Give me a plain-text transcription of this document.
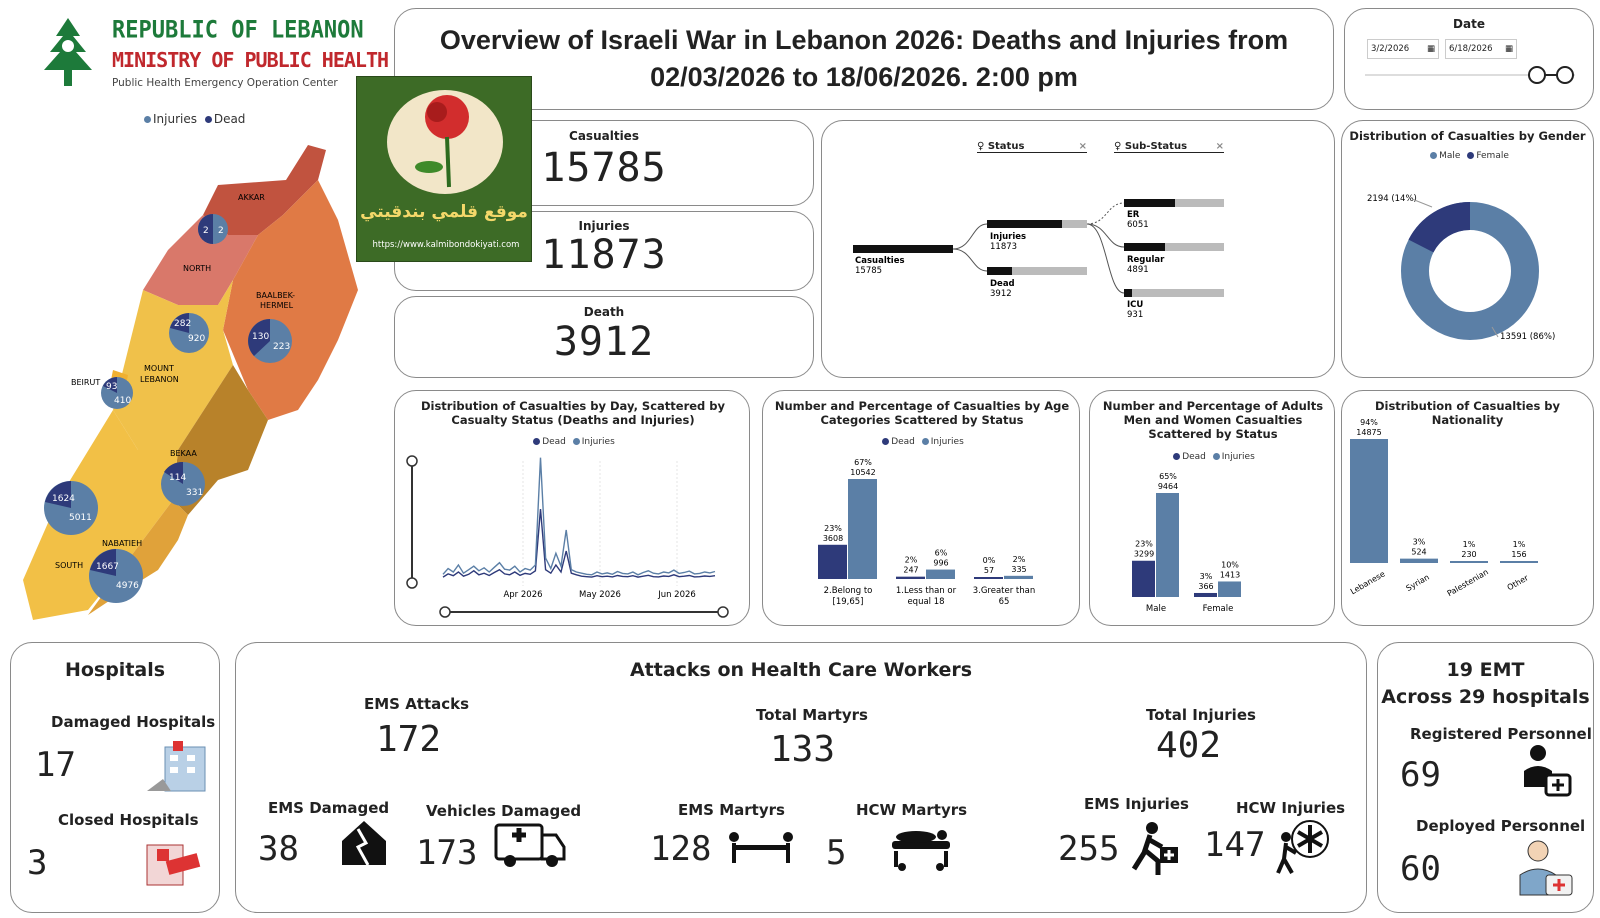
REPUBLIC OF LEBANON
MINISTRY OF PUBLIC HEALTH
Public Health Emergency Operation Center
Injuries Dead
AKKAR
NORTH
BAALBEK-
HERMEL
MOUNT
LEBANON
BEIRUT
BEKAA
SOUTH
NABATIEH
2 2
130
223
282
920
93
410
114
331
1624
5011
1667
4976
Overview of Israeli War in Lebanon 2026: Deaths and Injuries from 02/03/2026 to 18/06/2026. 2:00 pm
Date
3/2/2026 ▦ 6/18/2026 ▦
Casualties
15785
Injuries
11873
Death
3912
موقع قلمي بندقيتي
https://www.kalmibondokiyati.com
♀ Status	×	♀ Sub-Status	×
Casualties
15785
Injuries
11873
Dead
3912
ER
6051
Regular
4891
ICU
931
Distribution of Casualties by Gender
Male Female
2194 (14%)
13591 (86%)
Distribution of Casualties by Day, Scattered by Casualty Status (Deaths and Injuries)
Dead Injuries
Apr 2026	May 2026	Jun 2026
Number and Percentage of Casualties by Age Categories Scattered by Status
Dead Injuries
23%
3608
67%
10542
2.Belong to
[19,65]
2%
247
6%
996
1.Less than or
equal 18
0%
57
2%
335
3.Greater than
65
Number and Percentage of Adults Men and Women Casualties Scattered by Status
Dead Injuries
23%
3299
65%
9464
Male
3%
366
10%
1413
Female
Distribution of Casualties by Nationality
94%
14875
Lebanese
3%
524
Syrian
1%
230
Palestenian
1%
156
Other
Hospitals
Damaged Hospitals
17
Closed Hospitals
3
Attacks on Health Care Workers
EMS Attacks
172
Total Martyrs
133
Total Injuries
402
EMS Damaged
38
Vehicles Damaged
173
EMS Martyrs
128
HCW Martyrs
5
EMS Injuries
255
HCW Injuries
147
19 EMT
Across 29 hospitals
Registered Personnel
69
Deployed Personnel
60
